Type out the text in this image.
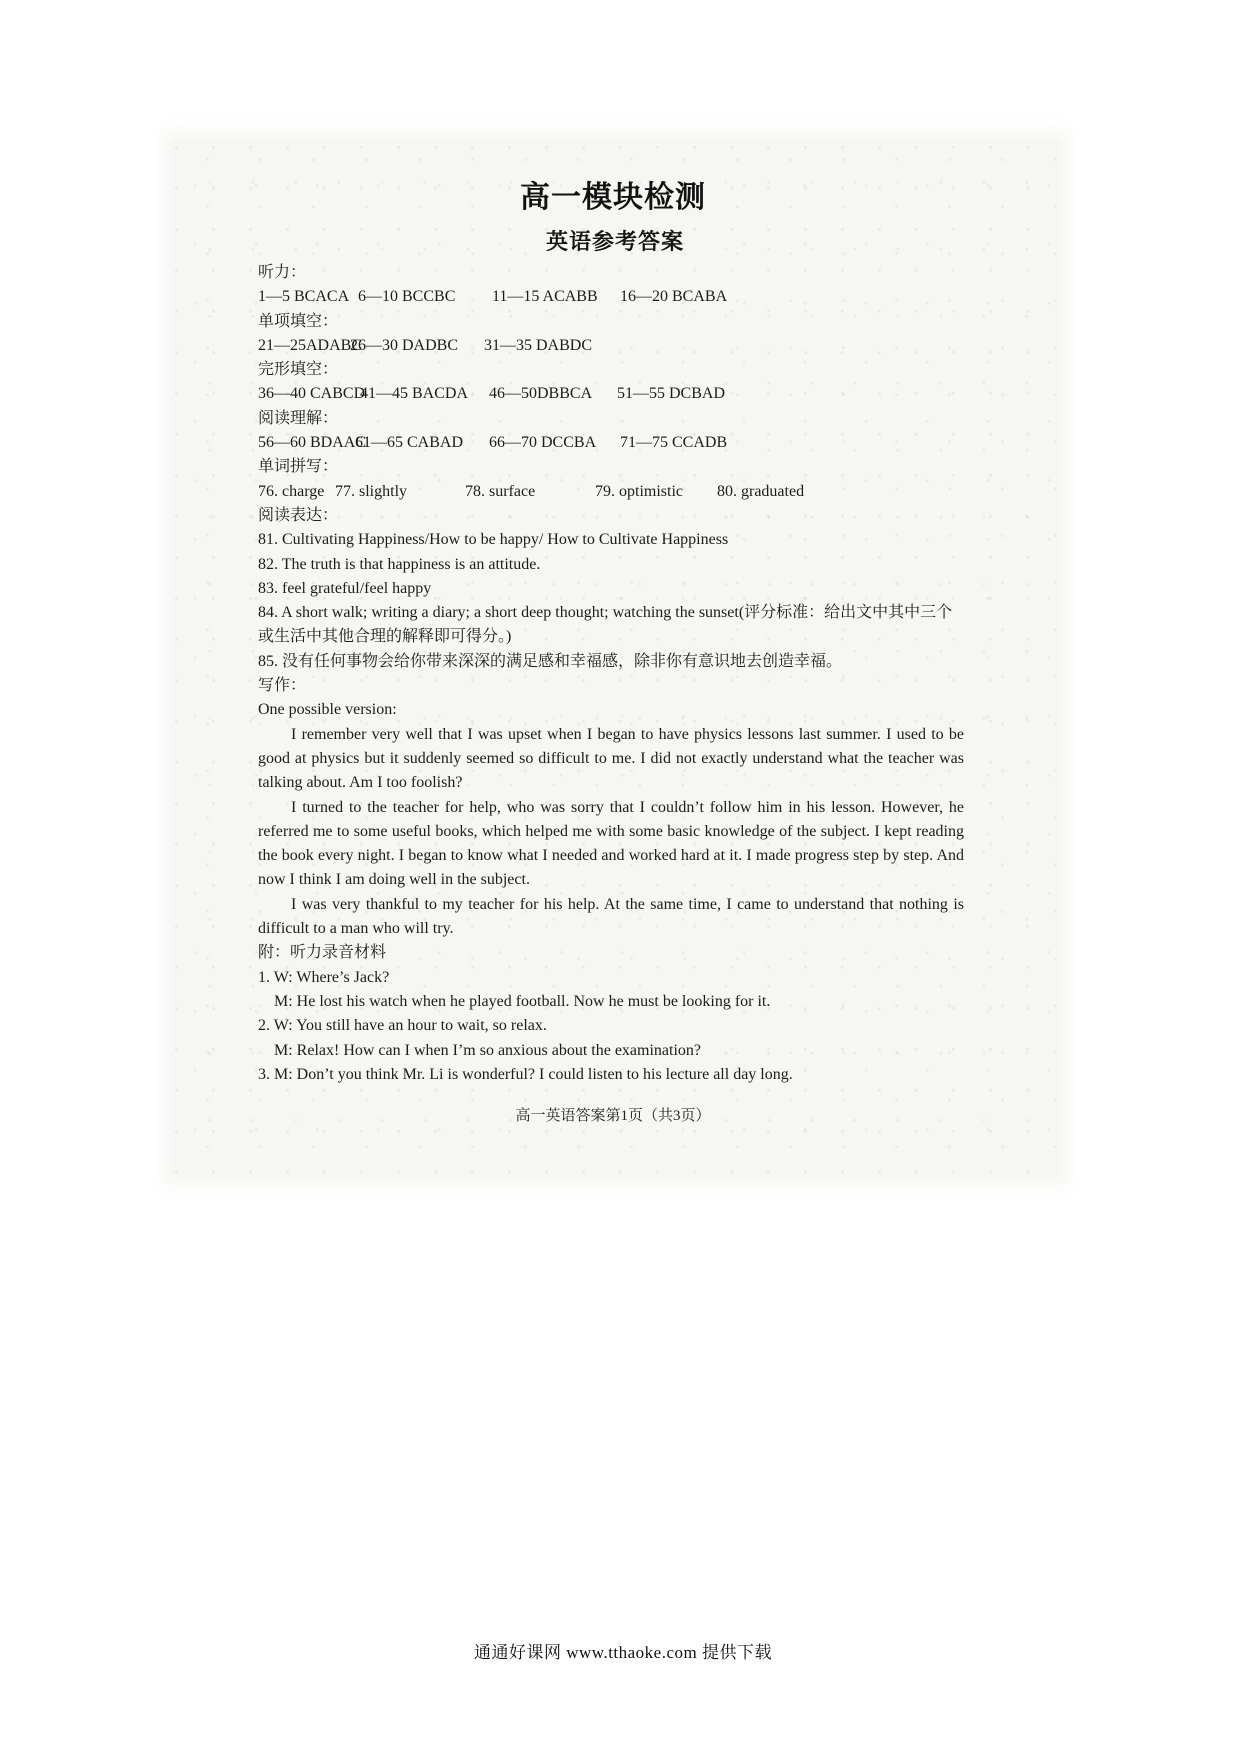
高一模块检测
英语参考答案
听力：
1—5 BCACA 6—10 BCCBC 11—15 ACABB 16—20 BCABA
单项填空：
21—25ADABC
26—30 DADBC 31—35 DABDC
完形填空：
36—40 CABCD
41—45 BACDA 46—50DBBCA 51—55 DCBAD
阅读理解：
56—60 BDAAC
61—65 CABAD 66—70 DCCBA 71—75 CCADB
单词拼写：
76. charge 77. slightly	78. surface	79. optimistic 80. graduated
阅读表达：
81. Cultivating Happiness/How to be happy/ How to Cultivate Happiness
82. The truth is that happiness is an attitude.
83. feel grateful/feel happy
84. A short walk; writing a diary; a short deep thought; watching the sunset(评分标准：给出文中其中三个或生活中其他合理的解释即可得分。)
85. 没有任何事物会给你带来深深的满足感和幸福感，除非你有意识地去创造幸福。
写作：
One possible version:
I remember very well that I was upset when I began to have physics lessons last summer. I used to be good at physics but it suddenly seemed so difficult to me. I did not exactly understand what the teacher was talking about. Am I too foolish?
I turned to the teacher for help, who was sorry that I couldn’t follow him in his lesson. However, he referred me to some useful books, which helped me with some basic knowledge of the subject. I kept reading the book every night. I began to know what I needed and worked hard at it. I made progress step by step. And now I think I am doing well in the subject.
I was very thankful to my teacher for his help. At the same time, I came to understand that nothing is difficult to a man who will try.
附：听力录音材料
1. W: Where’s Jack?
M: He lost his watch when he played football. Now he must be looking for it.
2. W: You still have an hour to wait, so relax.
M: Relax! How can I when I’m so anxious about the examination?
3. M: Don’t you think Mr. Li is wonderful? I could listen to his lecture all day long.
高一英语答案第1页（共3页）
通通好课网 www.tthaoke.com 提供下载
